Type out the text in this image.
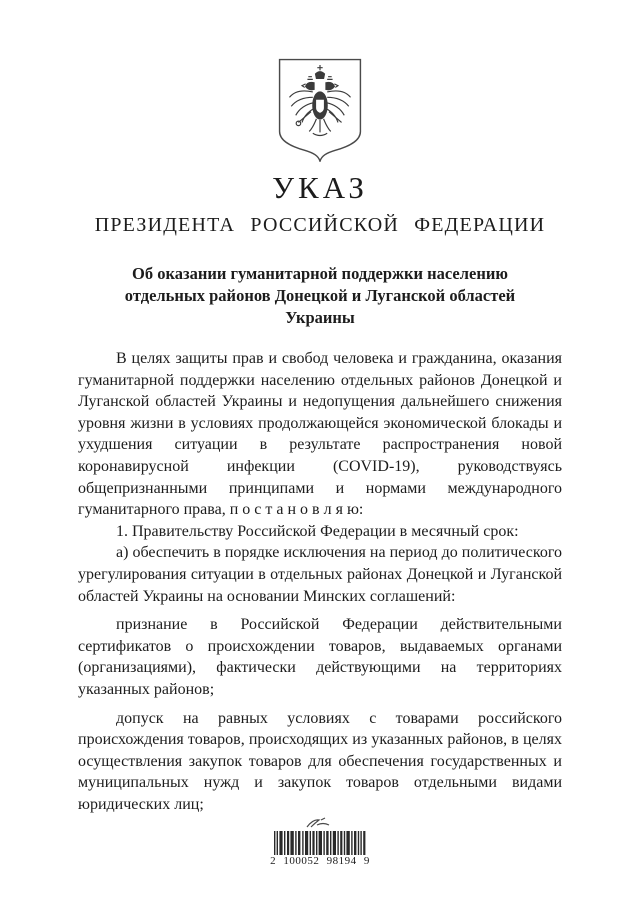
УКАЗ
ПРЕЗИДЕНТА РОССИЙСКОЙ ФЕДЕРАЦИИ
Об оказании гуманитарной поддержки населению отдельных районов Донецкой и Луганской областей Украины

В целях защиты прав и свобод человека и гражданина, оказания гуманитарной поддержки населению отдельных районов Донецкой и Луганской областей Украины и недопущения дальнейшего снижения уровня жизни в условиях продолжающейся экономической блокады и ухудшения ситуации в результате распространения новой коронавирусной инфекции (COVID-19), руководствуясь общепризнанными принципами и нормами международного гуманитарного права, п о с т а н о в л я ю:

1. Правительству Российской Федерации в месячный срок:

а) обеспечить в порядке исключения на период до политического урегулирования ситуации в отдельных районах Донецкой и Луганской областей Украины на основании Минских соглашений:

признание в Российской Федерации действительными сертификатов о происхождении товаров, выдаваемых органами (организациями), фактически действующими на территориях указанных районов;

допуск на равных условиях с товарами российского происхождения товаров, происходящих из указанных районов, в целях осуществления закупок товаров для обеспечения государственных и муниципальных нужд и закупок товаров отдельными видами юридических лиц;

2 100052 98194 9
